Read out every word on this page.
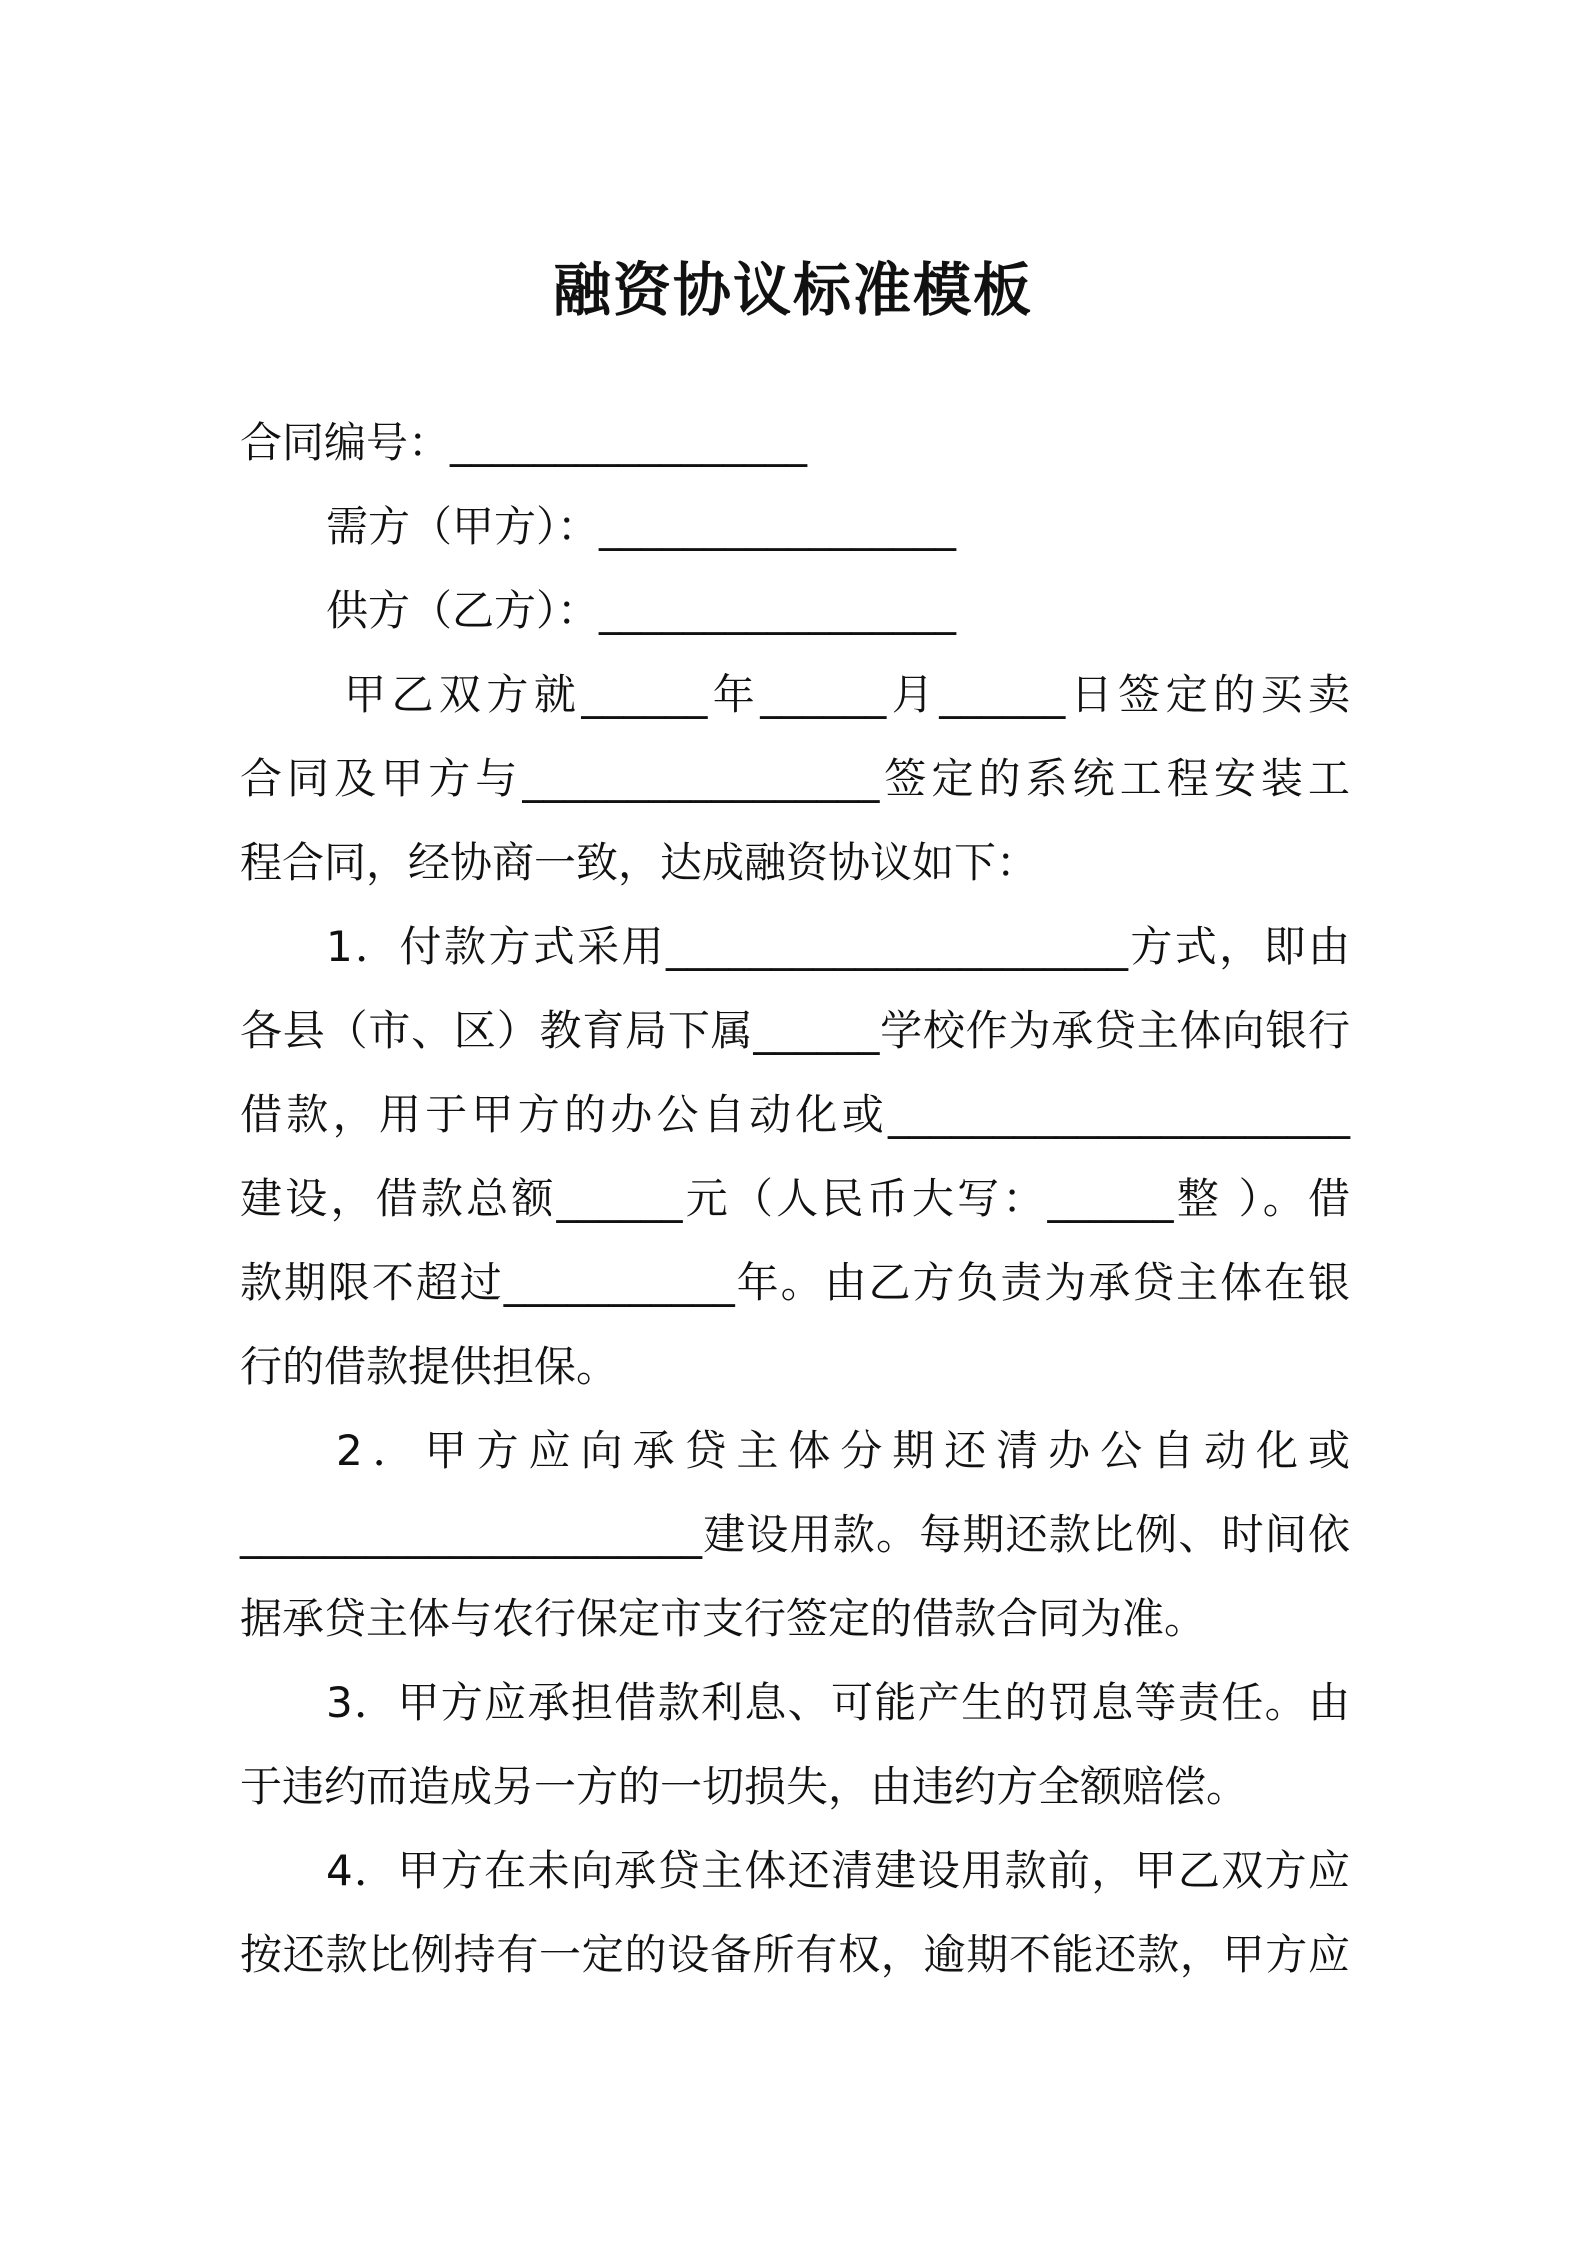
融资协议标准模板
合同编号：_________________
需方（甲方）：_________________
供方（乙方）：_________________
甲乙双方就______年______月______日签定的买卖
合同及甲方与_________________签定的系统工程安装工
程合同，经协商一致，达成融资协议如下：
1．付款方式采用______________________方式，即由
各县（市、区）教育局下属______学校作为承贷主体向银行
借款，用于甲方的办公自动化或______________________
建设，借款总额______元（人民币大写：______整 ）。借
款期限不超过___________年。由乙方负责为承贷主体在银
行的借款提供担保。
2．甲方应向承贷主体分期还清办公自动化或
______________________建设用款。每期还款比例、时间依
据承贷主体与农行保定市支行签定的借款合同为准。
3．甲方应承担借款利息、可能产生的罚息等责任。由
于违约而造成另一方的一切损失，由违约方全额赔偿。
4．甲方在未向承贷主体还清建设用款前，甲乙双方应
按还款比例持有一定的设备所有权，逾期不能还款，甲方应
